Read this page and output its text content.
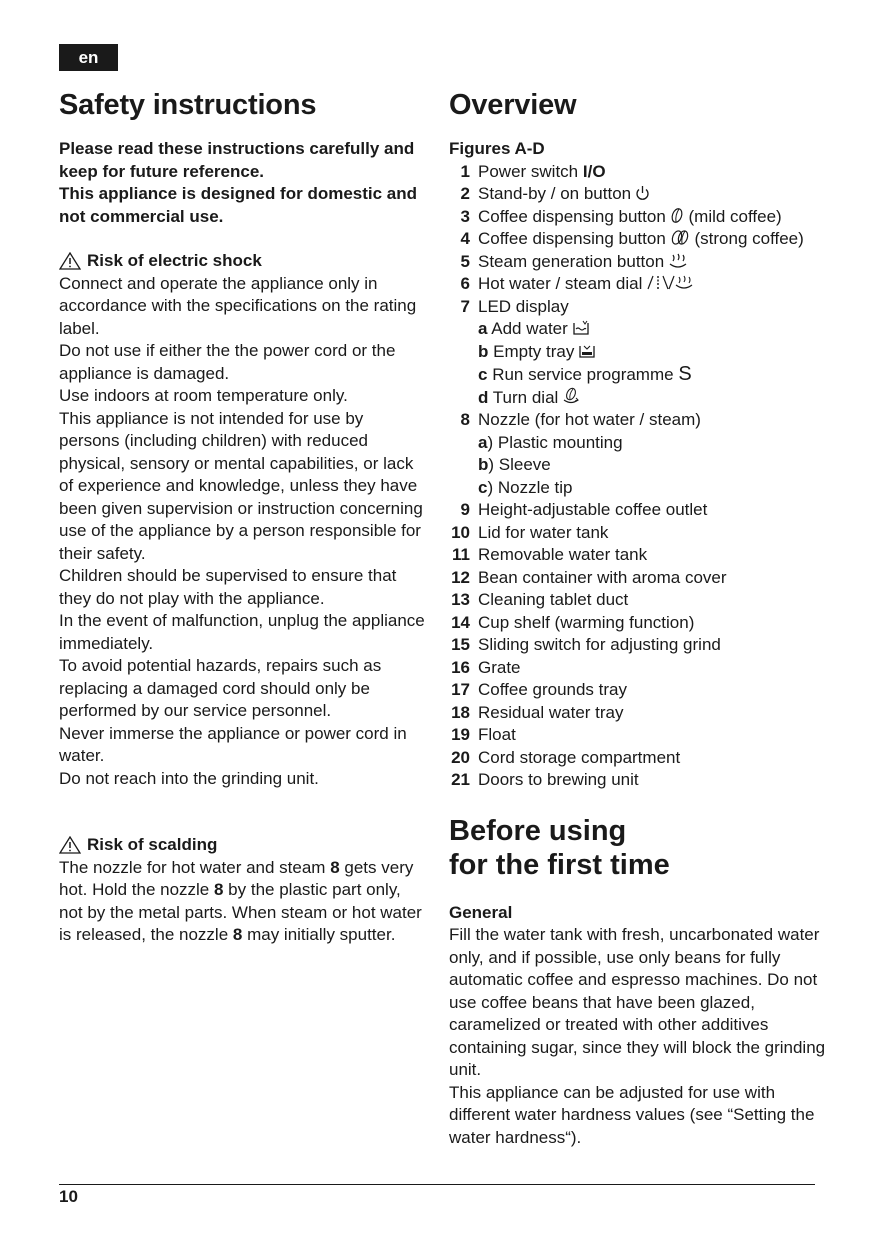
en
Safety instructions
Please read these instructions carefully and keep for future reference.
This appliance is designed for domestic and not commercial use.
Risk of electric shock
Connect and operate the appliance only in accordance with the specifications on the rating label.
Do not use if either the the power cord or the appliance is damaged.
Use indoors at room temperature only.
This appliance is not intended for use by persons (including children) with reduced physical, sensory or mental capabilities, or lack of experience and knowledge, unless they have been given supervision or instruction concerning use of the appliance by a person responsible for their safety.
Children should be supervised to ensure that they do not play with the appliance.
In the event of malfunction, unplug the appliance immediately.
To avoid potential hazards, repairs such as replacing a damaged cord should only be performed by our service personnel.
Never immerse the appliance or power cord in water.
Do not reach into the grinding unit.
Risk of scalding
The nozzle for hot water and steam 8 gets very hot. Hold the nozzle 8 by the plastic part only, not by the metal parts. When steam or hot water is released, the nozzle 8 may initially sputter.
Overview
Figures A-D
1 Power switch I/O
2 Stand-by / on button
3 Coffee dispensing button (mild coffee)
4 Coffee dispensing button (strong coffee)
5 Steam generation button
6 Hot water / steam dial
7 LED display
a Add water
b Empty tray
c Run service programme S
d Turn dial
8 Nozzle (for hot water / steam)
a) Plastic mounting
b) Sleeve
c) Nozzle tip
9 Height-adjustable coffee outlet
10 Lid for water tank
11 Removable water tank
12 Bean container with aroma cover
13 Cleaning tablet duct
14 Cup shelf (warming function)
15 Sliding switch for adjusting grind
16 Grate
17 Coffee grounds tray
18 Residual water tray
19 Float
20 Cord storage compartment
21 Doors to brewing unit
Before using
for the first time
General
Fill the water tank with fresh, uncarbonated water only, and if possible, use only beans for fully automatic coffee and espresso machines. Do not use coffee beans that have been glazed, caramelized or treated with other additives containing sugar, since they will block the grinding unit.
This appliance can be adjusted for use with different water hardness values (see “Setting the water hardness“).
10
